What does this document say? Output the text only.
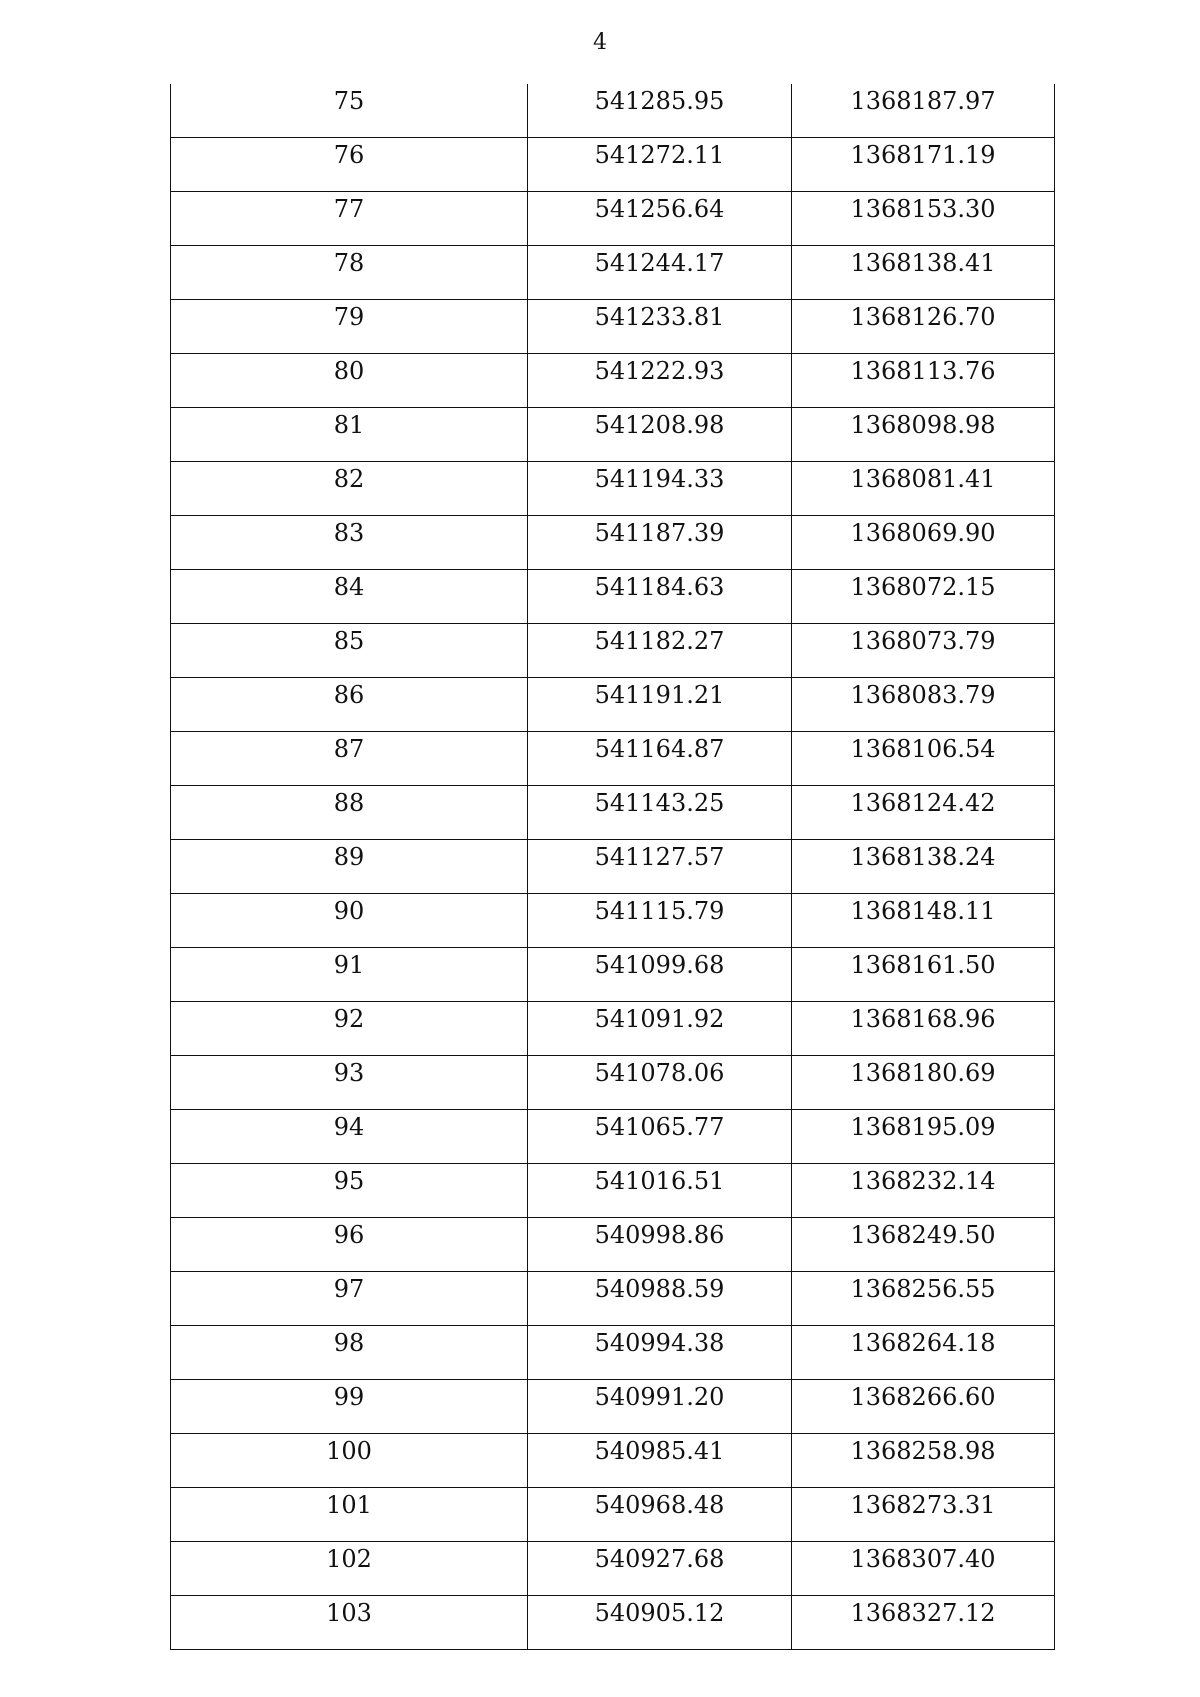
4
75	541285.95	1368187.97
76	541272.11	1368171.19
77	541256.64	1368153.30
78	541244.17	1368138.41
79	541233.81	1368126.70
80	541222.93	1368113.76
81	541208.98	1368098.98
82	541194.33	1368081.41
83	541187.39	1368069.90
84	541184.63	1368072.15
85	541182.27	1368073.79
86	541191.21	1368083.79
87	541164.87	1368106.54
88	541143.25	1368124.42
89	541127.57	1368138.24
90	541115.79	1368148.11
91	541099.68	1368161.50
92	541091.92	1368168.96
93	541078.06	1368180.69
94	541065.77	1368195.09
95	541016.51	1368232.14
96	540998.86	1368249.50
97	540988.59	1368256.55
98	540994.38	1368264.18
99	540991.20	1368266.60
100	540985.41	1368258.98
101	540968.48	1368273.31
102	540927.68	1368307.40
103	540905.12	1368327.12
